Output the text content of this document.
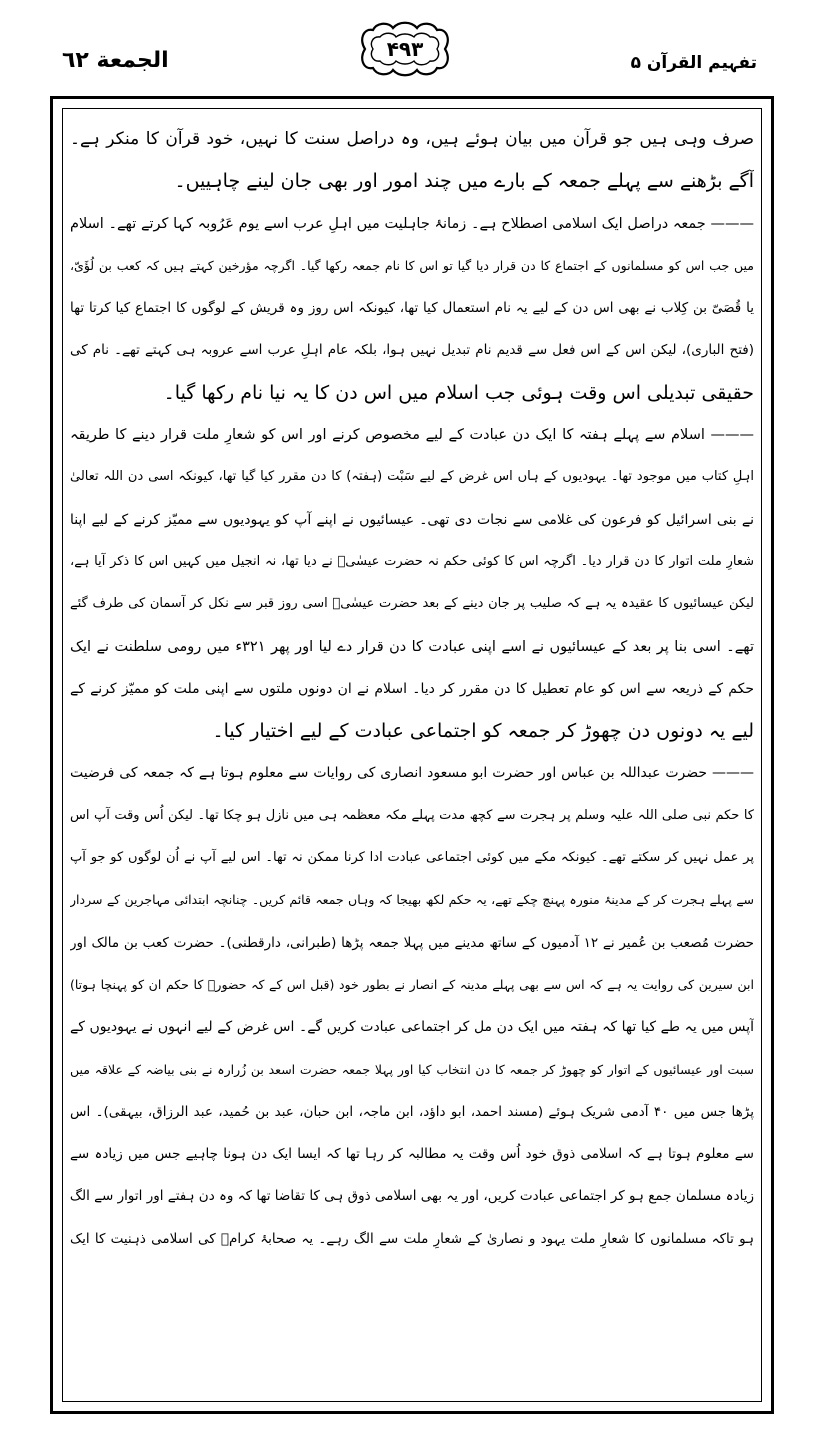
الجمعة ٦٢	تفہیم القرآن ۵
۴۹۳
صرف وہی ہیں جو قرآن میں بیان ہوئے ہیں، وہ دراصل سنت کا نہیں، خود قرآن کا منکر ہے۔
آگے بڑھنے سے پہلے جمعہ کے بارے میں چند امور اور بھی جان لینے چاہییں۔
——— جمعہ دراصل ایک اسلامی اصطلاح ہے۔ زمانۂ جاہلیت میں اہلِ عرب اسے یوم عَرُوبہ کہا کرتے تھے۔ اسلام
میں جب اس کو مسلمانوں کے اجتماع کا دن قرار دیا گیا تو اس کا نام جمعہ رکھا گیا۔ اگرچہ مؤرخین کہتے ہیں کہ کعب بن لُؤَیّ،
یا قُصَیّ بن کِلاب نے بھی اس دن کے لیے یہ نام استعمال کیا تھا، کیونکہ اس روز وہ قریش کے لوگوں کا اجتماع کیا کرتا تھا
(فتح الباری)، لیکن اس کے اس فعل سے قدیم نام تبدیل نہیں ہوا، بلکہ عام اہلِ عرب اسے عروبہ ہی کہتے تھے۔ نام کی
حقیقی تبدیلی اس وقت ہوئی جب اسلام میں اس دن کا یہ نیا نام رکھا گیا۔
——— اسلام سے پہلے ہفتہ کا ایک دن عبادت کے لیے مخصوص کرنے اور اس کو شعارِ ملت قرار دینے کا طریقہ
اہلِ کتاب میں موجود تھا۔ یہودیوں کے ہاں اس غرض کے لیے سَبْت (ہفتہ) کا دن مقرر کیا گیا تھا، کیونکہ اسی دن اللہ تعالیٰ
نے بنی اسرائیل کو فرعون کی غلامی سے نجات دی تھی۔ عیسائیوں نے اپنے آپ کو یہودیوں سے ممیّز کرنے کے لیے اپنا
شعارِ ملت اتوار کا دن قرار دیا۔ اگرچہ اس کا کوئی حکم نہ حضرت عیسٰیؑ نے دیا تھا، نہ انجیل میں کہیں اس کا ذکر آیا ہے،
لیکن عیسائیوں کا عقیدہ یہ ہے کہ صلیب پر جان دینے کے بعد حضرت عیسٰیؑ اسی روز قبر سے نکل کر آسمان کی طرف گئے
تھے۔ اسی بنا پر بعد کے عیسائیوں نے اسے اپنی عبادت کا دن قرار دے لیا اور پھر ۳۲۱ء میں رومی سلطنت نے ایک
حکم کے ذریعہ سے اس کو عام تعطیل کا دن مقرر کر دیا۔ اسلام نے ان دونوں ملتوں سے اپنی ملت کو ممیّز کرنے کے
لیے یہ دونوں دن چھوڑ کر جمعہ کو اجتماعی عبادت کے لیے اختیار کیا۔
——— حضرت عبداللہ بن عباس اور حضرت ابو مسعود انصاری کی روایات سے معلوم ہوتا ہے کہ جمعہ کی فرضیت
کا حکم نبی صلی اللہ علیہ وسلم پر ہجرت سے کچھ مدت پہلے مکہ معظمہ ہی میں نازل ہو چکا تھا۔ لیکن اُس وقت آپ اس
پر عمل نہیں کر سکتے تھے۔ کیونکہ مکے میں کوئی اجتماعی عبادت ادا کرنا ممکن نہ تھا۔ اس لیے آپ نے اُن لوگوں کو جو آپ
سے پہلے ہجرت کر کے مدینۂ منورہ پہنچ چکے تھے، یہ حکم لکھ بھیجا کہ وہاں جمعہ قائم کریں۔ چنانچہ ابتدائی مہاجرین کے سردار
حضرت مُصعب بن عُمیر نے ۱۲ آدمیوں کے ساتھ مدینے میں پہلا جمعہ پڑھا (طبرانی، دارقطنی)۔ حضرت کعب بن مالک اور
ابن سیرین کی روایت یہ ہے کہ اس سے بھی پہلے مدینہ کے انصار نے بطور خود (قبل اس کے کہ حضورؐ کا حکم ان کو پہنچا ہوتا)
آپس میں یہ طے کیا تھا کہ ہفتہ میں ایک دن مل کر اجتماعی عبادت کریں گے۔ اس غرض کے لیے انہوں نے یہودیوں کے
سبت اور عیسائیوں کے اتوار کو چھوڑ کر جمعہ کا دن انتخاب کیا اور پہلا جمعہ حضرت اسعد بن زُرارہ نے بنی بیاضہ کے علاقہ میں
پڑھا جس میں ۴۰ آدمی شریک ہوئے (مسند احمد، ابو داؤد، ابن ماجہ، ابن حبان، عبد بن حُمید، عبد الرزاق، بیہقی)۔ اس
سے معلوم ہوتا ہے کہ اسلامی ذوق خود اُس وقت یہ مطالبہ کر رہا تھا کہ ایسا ایک دن ہونا چاہیے جس میں زیادہ سے
زیادہ مسلمان جمع ہو کر اجتماعی عبادت کریں، اور یہ بھی اسلامی ذوق ہی کا تقاضا تھا کہ وہ دن ہفتے اور اتوار سے الگ
ہو تاکہ مسلمانوں کا شعارِ ملت یہود و نصاریٰ کے شعارِ ملت سے الگ رہے۔ یہ صحابۂ کرامؓ کی اسلامی ذہنیت کا ایک
